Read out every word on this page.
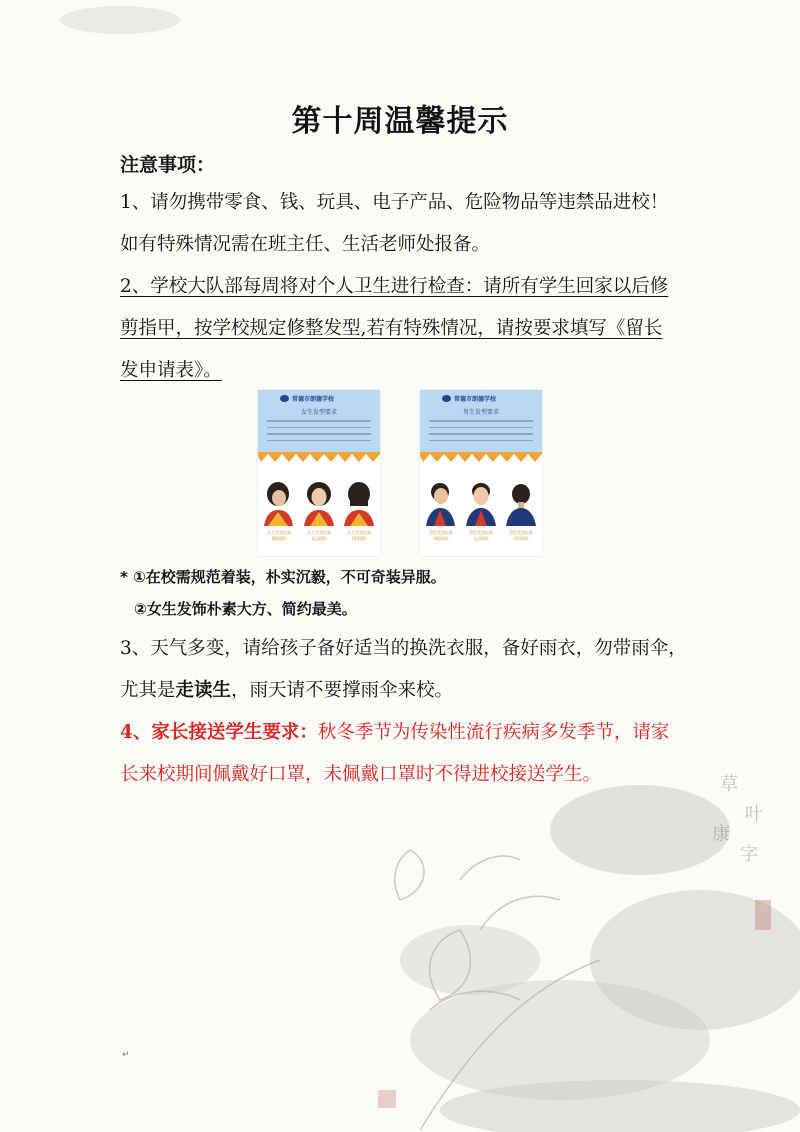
草
叶
康
字
第十周温馨提示
注意事项：
1、请勿携带零食、钱、玩具、电子产品、危险物品等违禁品进校！
如有特殊情况需在班主任、生活老师处报备。
2、学校大队部每周将对个人卫生进行检查：请所有学生回家以后修
剪指甲，按学校规定修整发型,若有特殊情况，请按要求填写《留长
发申请表》。
常德市朗德学校
女生发型要求
女生发型标准
(侧面图)
女生发型标准
(正面图)
女生发型标准
(背面图)
常德市朗德学校
男生发型要求
男生发型标准
(侧面图)
男生发型标准
(正面图)
男生发型标准
(背面图)
* ①在校需规范着装，朴实沉毅，不可奇装异服。
②女生发饰朴素大方、简约最美。
3、天气多变，请给孩子备好适当的换洗衣服，备好雨衣，勿带雨伞，
尤其是走读生，雨天请不要撑雨伞来校。
4、家长接送学生要求：秋冬季节为传染性流行疾病多发季节，请家
长来校期间佩戴好口罩，未佩戴口罩时不得进校接送学生。
↵
